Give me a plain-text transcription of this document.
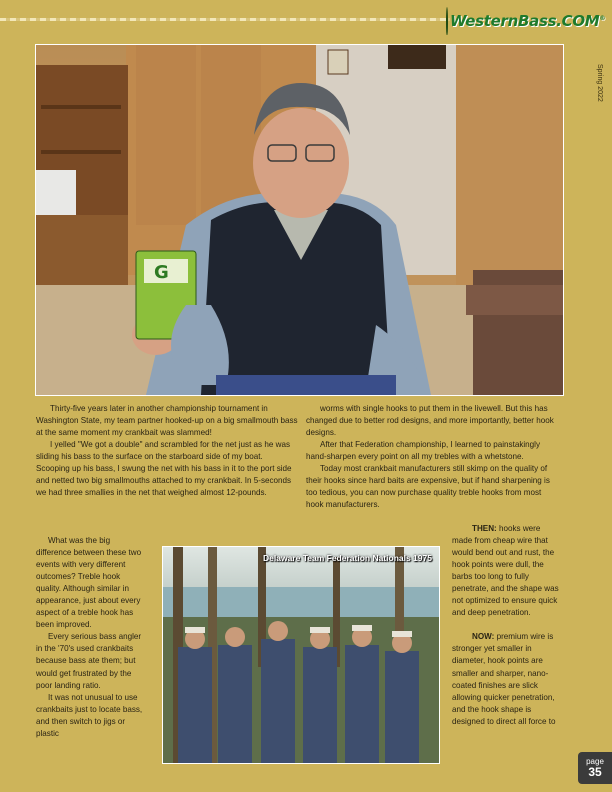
WesternBass.COM®
Spring 2022
G

Thirty-five years later in another championship tournament in Washington State, my team partner hooked-up on a big smallmouth bass at the same moment my crankbait was slammed!

I yelled "We got a double" and scrambled for the net just as he was sliding his bass to the surface on the starboard side of my boat. Scooping up his bass, I swung the net with his bass in it to the port side and netted two big smallmouths attached to my crankbait. In 5-seconds we had three smallies in the net that weighed almost 12-pounds.

What was the big difference between these two events with very different outcomes? Treble hook quality. Although similar in appearance, just about every aspect of a treble hook has been improved.

Every serious bass angler in the '70's used crankbaits because bass ate them; but would get frustrated by the poor landing ratio.

It was not unusual to use crankbaits just to locate bass, and then switch to jigs or plastic

worms with single hooks to put them in the livewell. But this has changed due to better rod designs, and more importantly, better hook designs.

After that Federation championship, I learned to painstakingly hand-sharpen every point on all my trebles with a whetstone.

Today most crankbait manufacturers still skimp on the quality of their hooks since hard baits are expensive, but if hand sharpening is too tedious, you can now purchase quality treble hooks from most hook manufacturers.

THEN: hooks were made from cheap wire that would bend out and rust, the hook points were dull, the barbs too long to fully penetrate, and the shape was not optimized to ensure quick and deep penetration.

NOW: premium wire is stronger yet smaller in diameter, hook points are smaller and sharper, nano-coated finishes are slick allowing quicker penetration, and the hook shape is designed to direct all force to

Delaware Team Federation Nationals 1975
page
35
